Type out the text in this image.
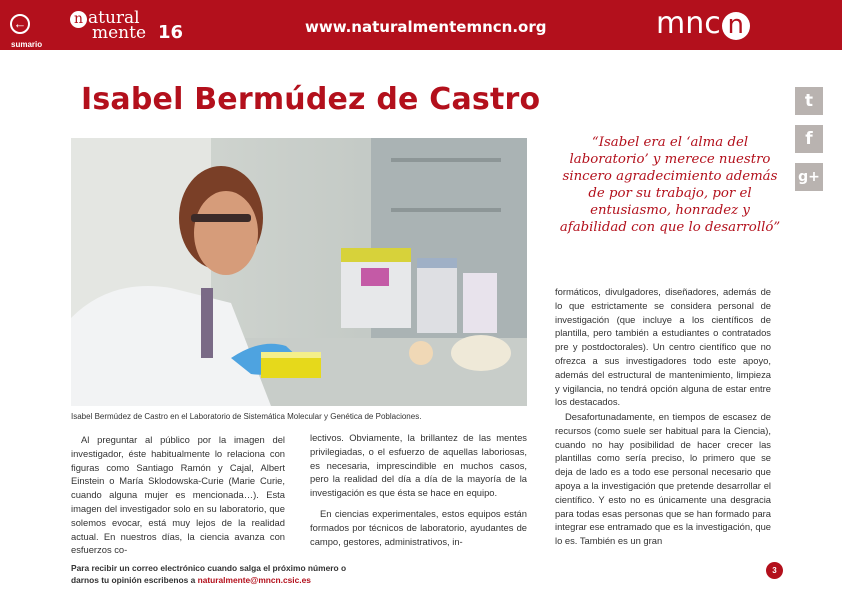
←
sumario
n atural
mente 16	www.naturalmentemncn.org	mnc n
Isabel Bermúdez de Castro	t
f
g+
Isabel Bermúdez de Castro en el Laboratorio de Sistemática Molecular y Genética de Poblaciones.

“Isabel era el ‘alma del laboratorio’ y merece nuestro sincero agradecimiento además de por su trabajo, por el entusiasmo, honradez y afabilidad con que lo desarrolló”

Al preguntar al público por la imagen del investigador, éste habitualmente lo relaciona con figuras como Santiago Ramón y Cajal, Albert Einstein o María Sklodowska-Curie (Marie Curie, cuando alguna mujer es mencionada…). Esta imagen del investigador solo en su laboratorio, que solemos evocar, está muy lejos de la realidad actual. En nuestros días, la ciencia avanza con esfuerzos co-

lectivos. Obviamente, la brillantez de las mentes privilegiadas, o el esfuerzo de aquellas laboriosas, es necesaria, imprescindible en muchos casos, pero la realidad del día a día de la mayoría de la investigación es que ésta se hace en equipo.

En ciencias experimentales, estos equipos están formados por técnicos de laboratorio, ayudantes de campo, gestores, administrativos, in-

formáticos, divulgadores, diseñadores, además de lo que estrictamente se considera personal de investigación (que incluye a los científicos de plantilla, pero también a estudiantes o contratados pre y postdoctorales). Un centro científico que no ofrezca a sus investigadores todo este apoyo, además del estructural de mantenimiento, limpieza y vigilancia, no tendrá opción alguna de estar entre los destacados.

Desafortunadamente, en tiempos de escasez de recursos (como suele ser habitual para la Ciencia), cuando no hay posibilidad de hacer crecer las plantillas como sería preciso, lo primero que se deja de lado es a todo ese personal necesario que apoya a la investigación que pretende desarrollar el científico. Y esto no es únicamente una desgracia para todas esas personas que se han formado para integrar ese entramado que es la investigación, que lo es. También es un gran

Para recibir un correo electrónico cuando salga el próximo número o
darnos tu opinión escribenos a naturalmente@mncn.csic.es
3
